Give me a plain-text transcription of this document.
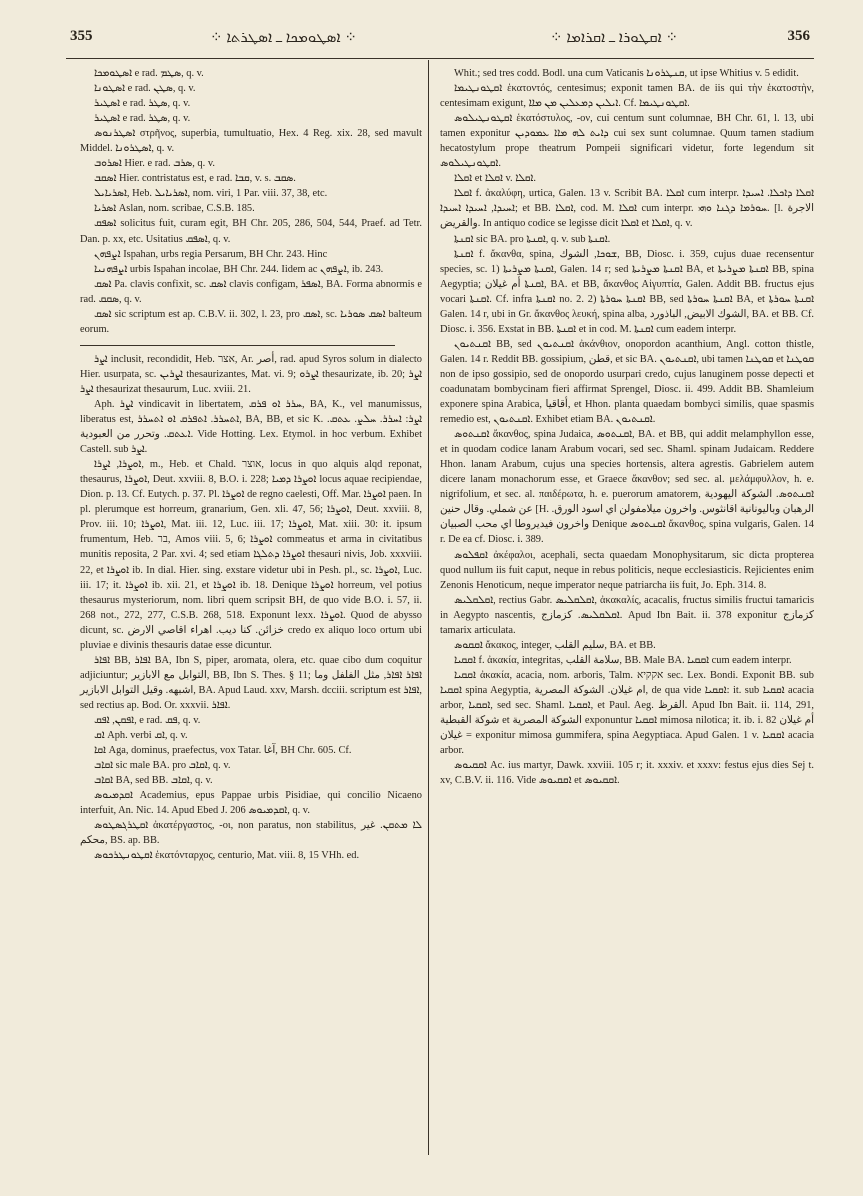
355	⁘ ܐܣܛܘܡܟܐ ـ ܐܣܛܪܬܐ ⁘	⁘ ܐܩܛܘܪܐ ـ ܐܩܪܐܡܐ ⁘	356

ܐܣܛܘܡܟܐ e rad. ܣܛܡ, q. v.

ܐܣܛܘܢܐ e rad. ܣܛܢ, q. v.

ܐܣܛܝܪ e rad. ܣܛܪ, q. v.

ܐܣܛܝܪ e rad. ܣܛܪ, q. v.

ܐܣܛܪܢܘܣ στρῆνος, superbia, tumultuatio, Hex. 4 Reg. xix. 28, sed mavult Middel. ܐܣܛܪܘܢܐ, q. v.

ܐܣܪܘܒ Hier. e rad. ܣܪܒ, q. v.

ܐܣܩܒ Hier. contristatus est, e rad. ܩܒܐ, v. s. ܣܩܒ.

ܐܣܪܝܐܝܠ, Heb. ܐܣܪܝܐܝܠ, nom. viri, 1 Par. viii. 37, 38, etc.

ܐܣܪܝܐ Aslan, nom. scribae, C.S.B. 185.

ܐܣܦܩ solicitus fuit, curam egit, BH Chr. 205, 286, 504, 544, Praef. ad Tetr. Dan. p. xx, etc. Usitatius ܐܣܦܩ, q. v.

ܐܨܦܗܢ Ispahan, urbs regia Persarum, BH Chr. 243. Hinc

ܐܨܦܗܢܝܐ urbis Ispahan incolae, BH Chr. 244. Iidem ac ܐܨܦܗܢ, ib. 243.

ܐܣܩ Pa. clavis confixit, sc. ܐܣܩ clavis configam, ܐܣܦܪ, BA. Forma abnormis e rad. ܣܩܩ, q. v.

ܐܣܩ sic scriptum est ap. C.B.V. ii. 302, l. 23, pro ܐܣܩ, sc. ܐܣܩ ܣܘܪܝܐ balteum eorum.

ܐܨܪ inclusit, recondidit, Heb. אצר, Ar. أصر, rad. apud Syros solum in dialecto Hier. usurpata, sc. ܐܨܪܝܢ thesaurizantes, Mat. vi. 9; ܐܨܪܘ thesaurizate, ib. 20; ܐܨܪ ܐܨܪ thesaurizat thesaurum, Luc. xviii. 21.

Aph. ܐܨܪ vindicavit in libertatem, ܚܪܪ ܐܘ ܦܪܩ, BA, K., vel manumissus, liberatus est, ܐܬܚܪܪ. ܐܬܦܪܩ ܐܘ ܐܬܚܪܪ, BA, BB, et sic K. ܐܨܪ: ܐܚܪܪ. ܚܠܨ. ܥܬܩ. ܐܥܬܩ. وتحرر من العبودية. Vide Hotting. Lex. Etymol. in hoc verbum. Exhibet Castell. sub ܐܨܪ.

ܐܘܨܪܐ, ܐܨܪܐ, m., Heb. et Chald. אוצר, locus in quo alquis alqd reponat, thesaurus, ܐܘܨܪܐ, Deut. xxviii. 8, B.O. i. 228; ܐܘܨܪܐ ܕܡܝܐ locus aquae recipiendae, Dion. p. 13. Cf. Eutych. p. 37. Pl. ܐܘܨܪܐ de regno caelesti, Off. Mar. ܐܘܨܪܐ paen. In pl. plerumque est horreum, granarium, Gen. xli. 47, 56; ܐܘܨܪܐ, Deut. xxviii. 8, Prov. iii. 10; ܐܘܨܪܐ, Mat. iii. 12, Luc. iii. 17; ܐܘܨܪܐ, Mat. xiii. 30: it. ipsum frumentum, Heb. בר, Amos viii. 5, 6; ܐܘܨܪܐ commeatus et arma in civitatibus munitis reposita, 2 Par. xvi. 4; sed etiam ܐܘܨܪܐ ܕܬܠܓܐ thesauri nivis, Job. xxxviii. 22, et ܐܘܨܪܐ ib. In dial. Hier. sing. exstare videtur ubi in Pesh. pl., sc. ܐܘܨܪܐ, Luc. iii. 17; it. ܐܘܨܪܐ ib. xii. 21, et ܐܘܨܪܐ ib. 18. Denique ܐܘܨܪܐ horreum, vel potius thesaurus mysteriorum, nom. libri quem scripsit BH, de quo vide B.O. i. 57, ii. 268 not., 272, 277, C.S.B. 268, 518. Exponunt lexx. ܐܘܨܪܐ. Quod de abysso dicunt, sc. خزائن. كنا ديب. اهراء اقاصي الارض credo ex aliquo loco ortum ubi pluviae e divinis thesauris datae esse dicuntur.

ܐܦܐܪ BB, ܐܦܐܪ BA, Ibn S, piper, aromata, olera, etc. quae cibo dum coquitur adjiciuntur; التوابل مع الابازير, BB, Ibn S. Thes. § 11; ܐܦܐܪ ܐܦܐܪ, مثل الفلفل وما اشبهه. وقيل التوابل الابازير, BA. Apud Laud. xxv, Marsh. dcciii. scriptum est ܐܦܐܪ, sed rectius ap. Bod. Or. xxxvii. ܐܦܐܪ.

ܐܦܩܢ, ܐܦܩ, e rad. ܦܩ, q. v.

ܐܩ Aph. verbi ܐܩ, q. v.

ܐܩܐ Aga, dominus, praefectus, vox Tatar. آغا, BH Chr. 605. Cf.

ܐܩܐܒ sic male BA. pro ܐܩܐܒ, q. v.

ܐܩܐܒ BA, sed BB. ܐܩܐܒ, q. v.

ܐܩܕܡܝܘܣ Academius, epus Pappae urbis Pisidiae, qui concilio Nicaeno interfuit, An. Nic. 14. Apud Ebed J. 206 ܐܩܕܡܝܘܣ, q. v.

ܐܩܛܪܓܣܛܘܣ ἀκατέργαστος, -οι, non paratus, non stabilitus, ܠܐ ܡܬܩܢ. غير محكم, BS. ap. BB.

ܐܩܛܘܢܛܪܟܘܣ ἑκατόνταρχος, centurio, Mat. viii. 8, 15 VHh. ed.

Whit.; sed tres codd. Bodl. una cum Vaticanis ܩܢܛܪܘܢܐ, ut ipse Whitius v. 5 edidit.

ܐܩܛܘܢܛܝܡܐ ἑκατοντός, centesimus; exponit tamen BA. de iis qui τὴν ἑκατοστὴν, centesimam exigunt, ܐܝܠܝܢ ܕܡܥܠܝܢ ܡܢ ܡܐܐ. Cf. ܐܩܛܘܢܛܝܡܐ.

ܐܩܛܘܢܛܝܠܘܣ ἑκατόστυλος, -ον, cui centum sunt columnae, BH Chr. 61, l. 13, ubi tamen exponitur ܕܐܝܬ ܠܗ ܡܐܐ ܥܡܘܕܝܢ cui sex sunt columnae. Quum tamen stadium hecatostylum prope theatrum Pompeii significari videtur, forte legendum sit ܐܩܛܘܢܛܝܠܘܣ.

ܐܩܠܐ et ܐܩܠܐ v. ܐܩܠܐ.

ܐܩܠܐ f. ἀκαλύφη, urtica, Galen. 13 v. Scribit BA. ܐܩܠܐ cum interpr. ܐܩܠܐ ܕܐܟܠܐ. ܐܚܝܕܐ ܐܚܝܕܐ, ܐܚܝܕܐ ܐܚܝܕܐ; et BB. ܐܩܠܐ, cod. M. ܐܩܠܐ cum interpr. ܚܘܪܡܐ ܕܓܢܐ ܘܗܝ. [l. الاجرة والقريض. In antiquo codice se legisse dicit ܐܩܠܐ et ܐܩܠܐ, q. v.

ܐܩܢܬܐ sic BA. pro ܐܩܢܬܐ, q. v. sub ܐܩܢܬܐ.

ܐܩܢܬܐ f. ἄκανθα, spina, ܫܘܟܐ, الشوك, BB, Diosc. i. 359, cujus duae recensentur species, sc. 1) ܐܩܢܬܐ ܡܨܪܝܬܐ, Galen. 14 r; sed ܐܩܢܬܐ ܡܨܪܝܬܐ BA, et ܐܩܢܬܐ ܡܨܪܝܬܐ BB, spina Aegyptia; ܐܩܢܬܐ أم غيلان, BA. et BB, ἄκανθος Αἰγυπτία, Galen. Addit BB. fructus ejus vocari ܐܩܢܬܐ. Cf. infra ܐܩܢܬܐ no. 2. 2) ܐܩܢܬܐ ܚܘܪܬܐ BB, sed ܐܩܢܬܐ ܚܘܪܬܐ BA, et ܐܩܢܬܐ ܚܘܪܬܐ Galen. 14 r, ubi in Gr. ἄκανθος λευκή, spina alba, الشوك الابيض, الباذورد, BA. et BB. Cf. Diosc. i. 356. Exstat in BB. ܐܩܢܬܐ et in cod. M. ܐܩܢܬܐ cum eadem interpr.

ܐܩܢܬܝܘܢ BB, sed ܐܩܢܬܝܘܢ ἀκάνθιον, onopordon acanthium, Angl. cotton thistle, Galen. 14 r. Reddit BB. gossipium, قطن, et sic BA. ܐܩܢܬܝܘܢ, ubi tamen ܩܘܛܢܐ et ܩܘܛܢܐ non de ipso gossipio, sed de onopordo usurpari credo, cujus lanuginem posse depecti et coadunatam bombycinam fieri affirmat Sprengel, Diosc. ii. 499. Addit BB. Shamleium exponere spina Arabica, أقاقيا, et Hhon. planta quaedam bombyci similis, quae spasmis remedio est, ܐܩܢܬܝܘܢ. Exhibet etiam BA. ܐܩܢܬܝܘܢ.

ܐܩܢܬܘܣ ἄκανθος, spina Judaica, ܐܩܢܬܘܣ, BA. et BB, qui addit melamphyllon esse, et in quodam codice lanam Arabum vocari, sed sec. Shaml. spinam Judaicam. Reddere Hhon. lanam Arabum, cujus una species hortensis, altera agrestis. Gabrielem autem dicere lanam monachorum esse, et Graece ἄκανθον; sed sec. al. μελάμφυλλον, h. e. nigrifolium, et sec. al. παιδέρωτα, h. e. puerorum amatorem, ܐܩܢܬܘܣ. الشوكة اليهودية عن شملي. وقال حنين [H. الرهبان وباليونانية اقانثوس. واخرون ميلامفولن اي اسود الورق. واخرون فيديروطا اي محب الصبيان Denique ܐܩܢܬܘܣ ἄκανθος, spina vulgaris, Galen. 14 r. De ea cf. Diosc. i. 389.

ܐܩܦܠܘܣ ἀκέφαλοι, acephali, secta quaedam Monophysitarum, sic dicta propterea quod nullum iis fuit caput, neque in rebus politicis, neque ecclesiasticis. Rejicientes enim Zenonis Henoticum, neque imperator neque patriarcha iis fuit, Jo. Eph. 314. 8.

ܐܩܠܩܠܝܣ, rectius Gabr. ܐܩܠܩܠܝܣ, ἀκακαλίς, acacalis, fructus similis fructui tamaricis in Aegypto nascentis, ܐܩܠܩܠܝܣ. كزمازج. Apud Ibn Bait. ii. 378 exponitur كزمازج tamarix articulata.

ܐܩܩܘܣ ἄκακος, integer, سليم القلب, BA. et BB.

ܐܩܩܝܐ f. ἀκακία, integritas, سلامة القلب, BB. Male BA. ܐܩܩܝܐ cum eadem interpr.

ܐܩܩܝܐ ἀκακία, acacia, nom. arboris, Talm. אקקיא sec. Lex. Bondi. Exponit BB. sub ܐܩܩܝܐ spina Aegyptia, ام غيلان. الشوكة المصرية, de qua vide ܐܩܩܝܐ: it. sub ܐܩܩܝܐ acacia arbor, ܐܩܩܝܐ, sed sec. Shaml. ܐܩܩܝܐ, et Paul. Aeg. القرظ. Apud Ibn Bait. ii. 114, 291, شوكة القبطية et الشوكة المصرية exponuntur ܐܩܩܝܐ mimosa nilotica; it. ib. i. 82 أم غيلان = غيلان exponitur mimosa gummifera, spina Aegyptiaca. Apud Galen. 1 v. ܐܩܩܝܐ acacia arbor.

ܐܩܩܝܘܣ Ac. ius martyr, Dawk. xxviii. 105 r; it. xxxiv. et xxxv: festus ejus dies Sej t. xv, C.B.V. ii. 116. Vide ܐܩܩܝܘܣ et ܐܩܩܝܘܣ.
